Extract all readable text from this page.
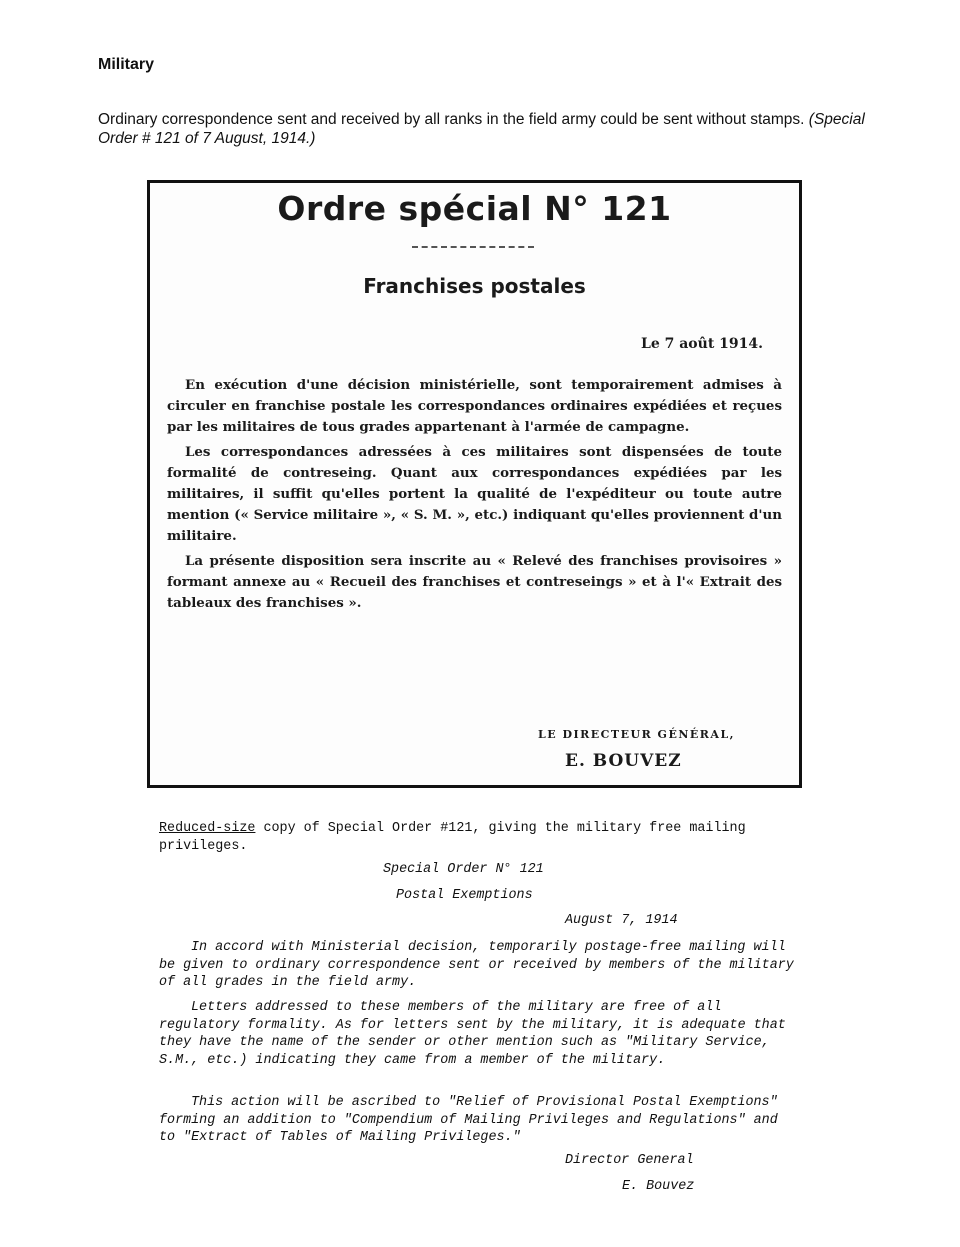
Military
Ordinary correspondence sent and received by all ranks in the field army could be sent without stamps. (Special Order # 121 of 7 August, 1914.)
Ordre spécial N° 121
Franchises postales
Le 7 août 1914.

En exécution d'une décision ministérielle, sont temporairement admises à circuler en franchise postale les correspondances ordinaires expédiées et reçues par les militaires de tous grades appartenant à l'armée de campagne.

Les correspondances adressées à ces militaires sont dispensées de toute formalité de contreseing. Quant aux correspondances expédiées par les militaires, il suffit qu'elles portent la qualité de l'expéditeur ou toute autre mention (« Service militaire », « S. M. », etc.) indiquant qu'elles proviennent d'un militaire.

La présente disposition sera inscrite au « Relevé des franchises provisoires » formant annexe au « Recueil des franchises et contreseings » et à l'« Extrait des tableaux des franchises ».

LE DIRECTEUR GÉNÉRAL,
E. BOUVEZ
Reduced-size copy of Special Order #121, giving the military free mailing privileges.
Special Order N° 121
Postal Exemptions
August 7, 1914
In accord with Ministerial decision, temporarily postage-free mailing will be given to ordinary correspondence sent or received by members of the military of all grades in the field army.
Letters addressed to these members of the military are free of all regulatory formality. As for letters sent by the military, it is adequate that they have the name of the sender or other mention such as "Military Service, S.M., etc.) indicating they came from a member of the military.
This action will be ascribed to "Relief of Provisional Postal Exemptions" forming an addition to "Compendium of Mailing Privileges and Regulations" and to "Extract of Tables of Mailing Privileges."
Director General
E. Bouvez
